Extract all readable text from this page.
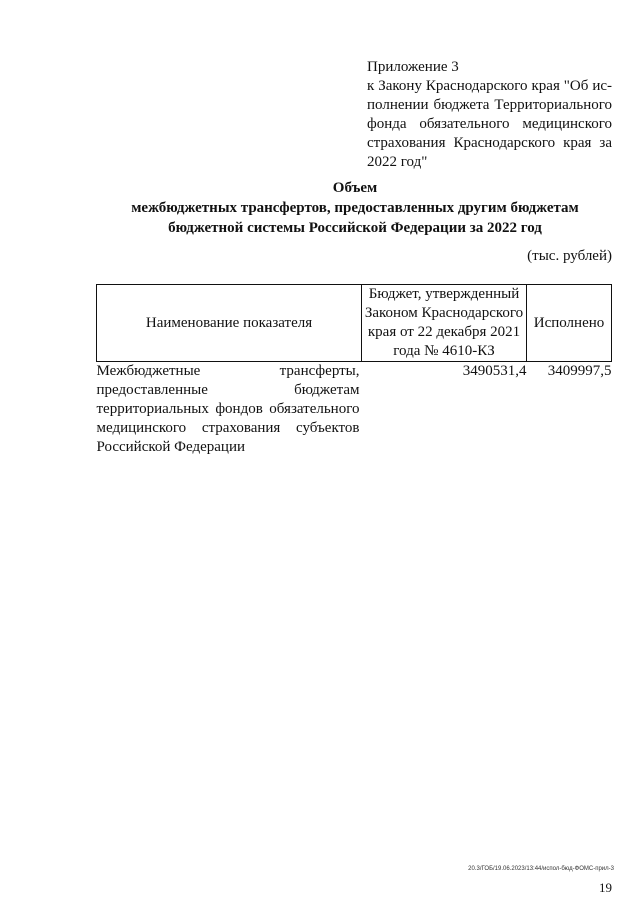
Приложение 3
к Закону Краснодарского края "Об ис-
полнении бюджета Территориального
фонда обязательного медицинского
страхования Краснодарского края за
2022 год"
Объем
межбюджетных трансфертов, предоставленных другим бюджетам
бюджетной системы Российской Федерации за 2022 год
(тыс. рублей)
Наименование показателя	Бюджет, утвержденный Законом Краснодарского края от 22 декабря 2021 года № 4610-КЗ	Исполнено
Межбюджетные трансферты, предоставленные бюджетам территориальных фондов обязательного медицинского страхования субъектов Российской Федерации	3490531,4	3409997,5
20.3/ГОБ/19.06.2023/13:44/испол-бюд-ФОМС-прил-3
19
